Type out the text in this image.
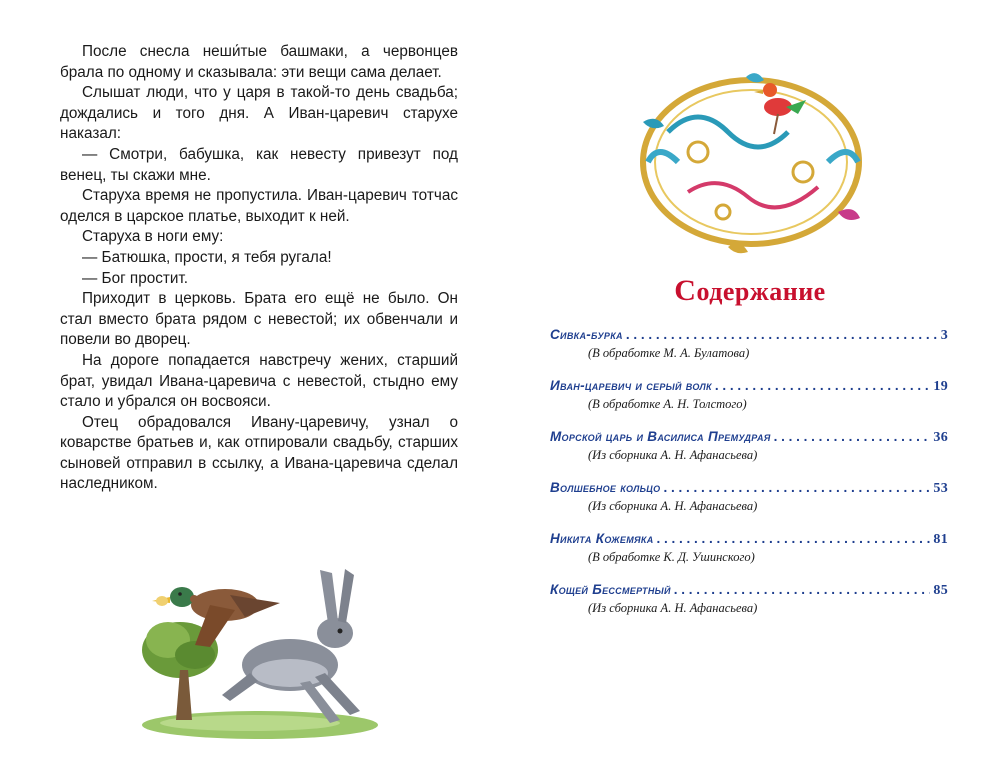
После снесла неши́тые башмаки, а червонцев брала по одному и сказывала: эти вещи сама делает.

Слышат люди, что у царя в такой-то день свадьба; дождались и того дня. А Иван-царевич старухе наказал:

— Смотри, бабушка, как невесту привезут под венец, ты скажи мне.

Старуха время не пропустила. Иван-царевич тотчас оделся в царское платье, выходит к ней.

Старуха в ноги ему:

— Батюшка, прости, я тебя ругала!

— Бог простит.

Приходит в церковь. Брата его ещё не было. Он стал вместо брата рядом с невестой; их обвенчали и повели во дворец.

На дороге попадается навстречу жених, старший брат, увидал Ивана-царевича с невестой, стыдно ему стало и убрался он восвояси.

Отец обрадовался Ивану-царевичу, узнал о коварстве братьев и, как отпировали свадьбу, старших сыновей отправил в ссылку, а Ивана-царевича сделал наследником.

Содержание
Сивка-бурка . . .	3
(В обработке М. А. Булатова)
Иван-царевич и серый волк . . .	19
(В обработке А. Н. Толстого)
Морской царь и Василиса Премудрая . . .	36
(Из сборника А. Н. Афанасьева)
Волшебное кольцо . . .	53
(Из сборника А. Н. Афанасьева)
Никита Кожемяка . . .	81
(В обработке К. Д. Ушинского)
Кощей Бессмертный . . .	85
(Из сборника А. Н. Афанасьева)
